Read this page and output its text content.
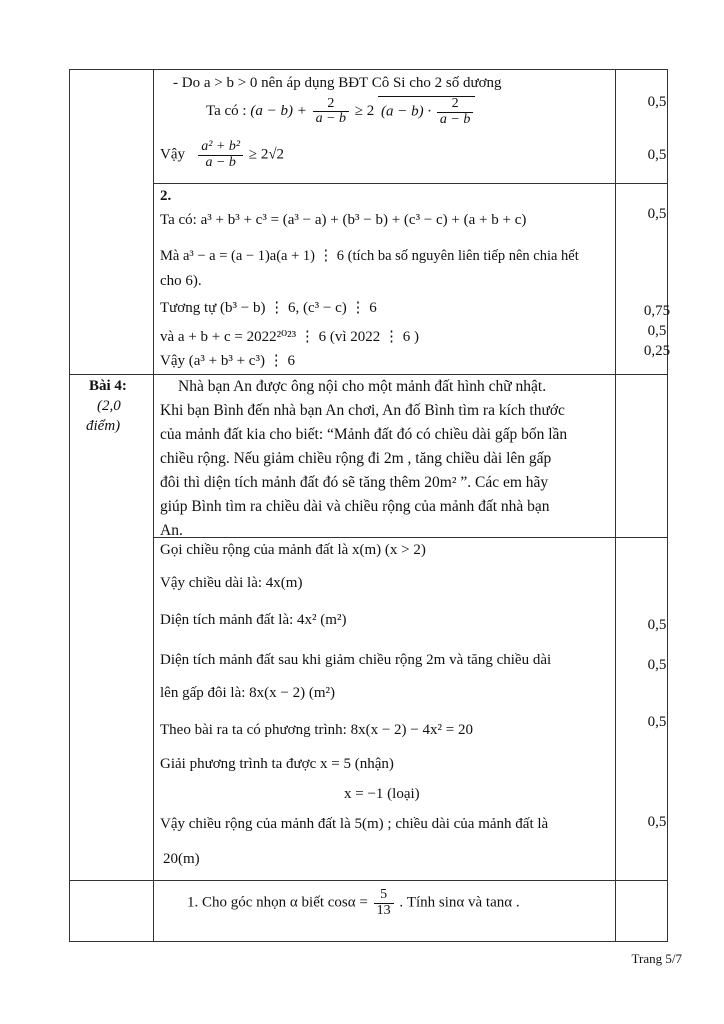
- Do a > b > 0 nên áp dụng BĐT Cô Si cho 2 số dương
Ta có : $(a - b) + \frac{2}{a - b} \ge 2$ $(a - b) \cdot \frac{2}{a - b}$
Vậy $\frac{\text{a² + b²}}{a - b} \ge 2√2$
0,5
0,5
2.
Ta có: a³ + b³ + c³ = (a³ − a) + (b³ − b) + (c³ − c) + (a + b + c)
Mà a³ − a = (a − 1)a(a + 1) ⋮ 6 (tích ba số nguyên liên tiếp nên chia hết
cho 6).
Tương tự (b³ − b) ⋮ 6, (c³ − c) ⋮ 6
và a + b + c = 2022²⁰²³ ⋮ 6 (vì 2022 ⋮ 6 )
Vậy (a³ + b³ + c³) ⋮ 6
0,5
0,75
0,5
0,25
Bài 4:
(2,0
điểm)
Nhà bạn An được ông nội cho một mảnh đất hình chữ nhật.
Khi bạn Bình đến nhà bạn An chơi, An đố Bình tìm ra kích thước
của mảnh đất kia cho biết: “Mảnh đất đó có chiều dài gấp bốn lần
chiều rộng. Nếu giảm chiều rộng đi 2m , tăng chiều dài lên gấp
đôi thì diện tích mảnh đất đó sẽ tăng thêm 20m² ”. Các em hãy
giúp Bình tìm ra chiều dài và chiều rộng của mảnh đất nhà bạn
An.
Gọi chiều rộng của mảnh đất là x(m) (x > 2)
Vậy chiều dài là: 4x(m)
Diện tích mảnh đất là: 4x² (m²)
Diện tích mảnh đất sau khi giảm chiều rộng 2m và tăng chiều dài
lên gấp đôi là: 8x(x − 2) (m²)
Theo bài ra ta có phương trình: 8x(x − 2) − 4x² = 20
Giải phương trình ta được x = 5 (nhận)
x = −1 (loại)
Vậy chiều rộng của mảnh đất là 5(m) ; chiều dài của mảnh đất là
20(m)
0,5
0,5
0,5
0,5
1. Cho góc nhọn α biết $\cos\alpha = \frac{5}{13}$ . Tính sinα và tanα .
Trang 5/7
